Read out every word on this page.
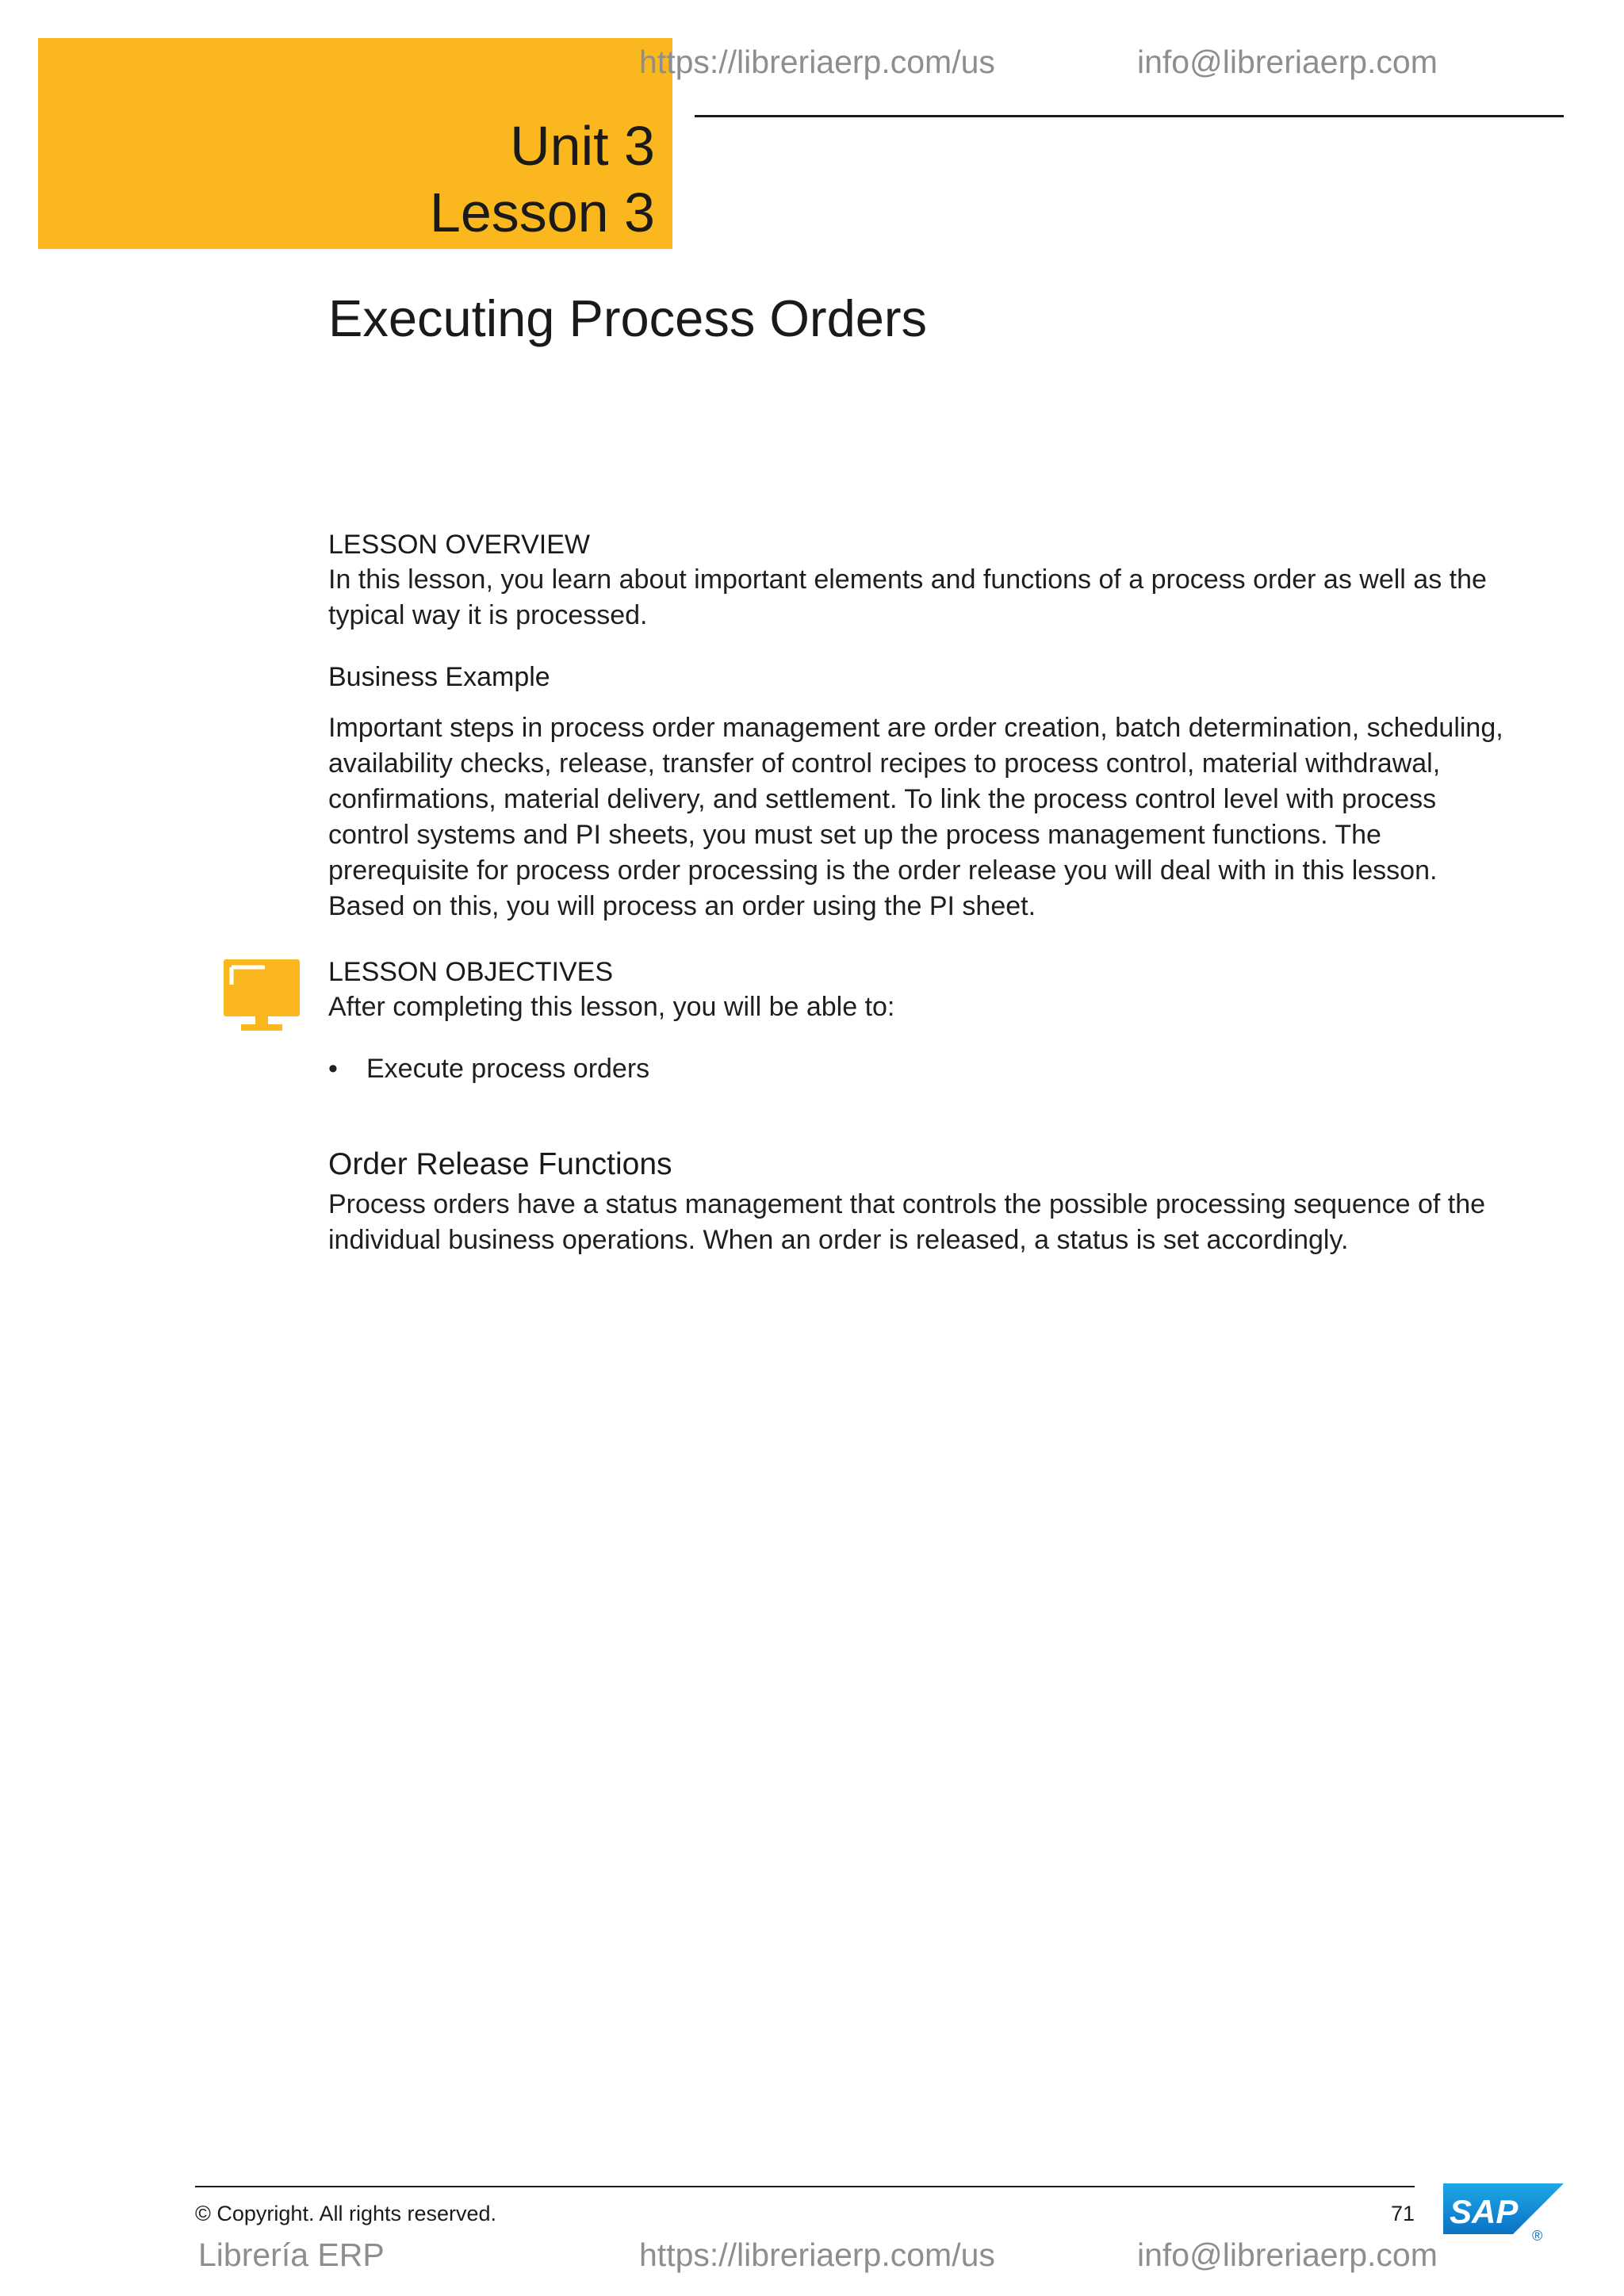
Unit 3
Lesson 3
https://libreriaerp.com/us	info@libreriaerp.com
Executing Process Orders
LESSON OVERVIEW
In this lesson, you learn about important elements and functions of a process order as well as the typical way it is processed.
Business Example
Important steps in process order management are order creation, batch determination, scheduling, availability checks, release, transfer of control recipes to process control, material withdrawal, confirmations, material delivery, and settlement. To link the process control level with process control systems and PI sheets, you must set up the process management functions. The prerequisite for process order processing is the order release you will deal with in this lesson. Based on this, you will process an order using the PI sheet.
LESSON OBJECTIVES
After completing this lesson, you will be able to:
• Execute process orders
Order Release Functions
Process orders have a status management that controls the possible processing sequence of the individual business operations. When an order is released, a status is set accordingly.
© Copyright. All rights reserved.	71 SAP
®
Librería ERP	https://libreriaerp.com/us	info@libreriaerp.com
